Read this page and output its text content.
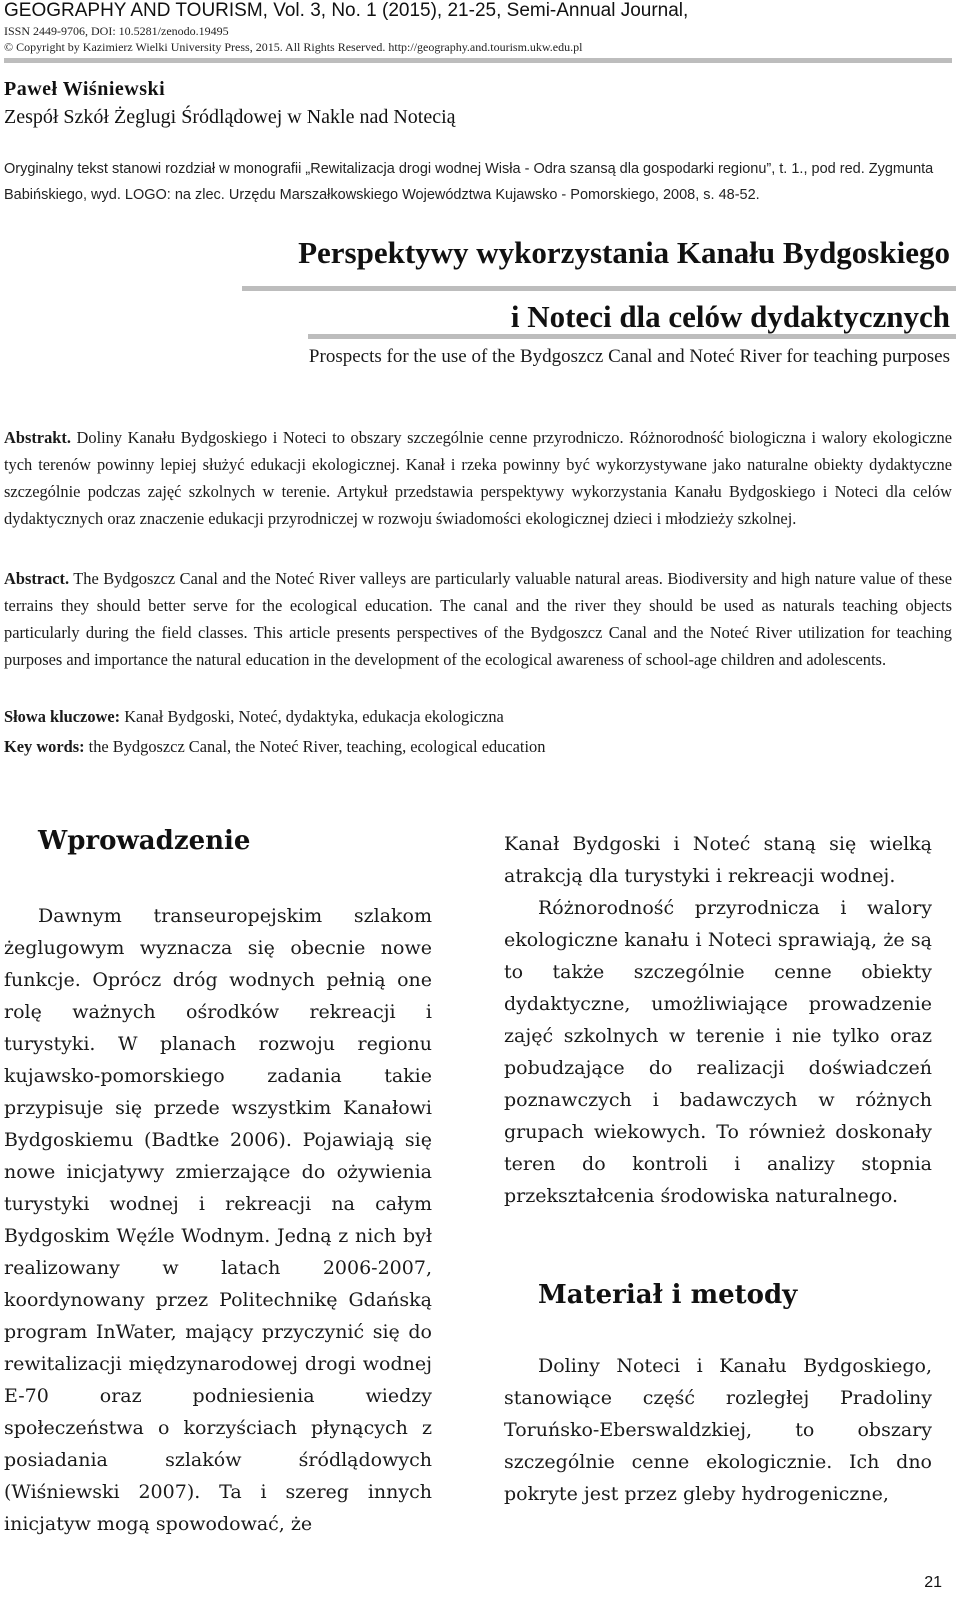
GEOGRAPHY AND TOURISM, Vol. 3, No. 1 (2015), 21-25, Semi-Annual Journal,
ISSN 2449-9706, DOI: 10.5281/zenodo.19495
© Copyright by Kazimierz Wielki University Press, 2015. All Rights Reserved. http://geography.and.tourism.ukw.edu.pl
Paweł Wiśniewski
Zespół Szkół Żeglugi Śródlądowej w Nakle nad Notecią
Oryginalny tekst stanowi rozdział w monografii „Rewitalizacja drogi wodnej Wisła - Odra szansą dla gospodarki regionu”, t. 1., pod red. Zygmunta Babińskiego, wyd. LOGO: na zlec. Urzędu Marszałkowskiego Województwa Kujawsko - Pomorskiego, 2008, s. 48-52.
Perspektywy wykorzystania Kanału Bydgoskiego
i Noteci dla celów dydaktycznych
Prospects for the use of the Bydgoszcz Canal and Noteć River for teaching purposes
Abstrakt. Doliny Kanału Bydgoskiego i Noteci to obszary szczególnie cenne przyrodniczo. Różnorodność biologiczna i walory ekologiczne tych terenów powinny lepiej służyć edukacji ekologicznej. Kanał i rzeka powinny być wykorzystywane jako naturalne obiekty dydaktyczne szczególnie podczas zajęć szkolnych w terenie. Artykuł przedstawia perspektywy wykorzystania Kanału Bydgoskiego i Noteci dla celów dydaktycznych oraz znaczenie edukacji przyrodniczej w rozwoju świadomości ekologicznej dzieci i młodzieży szkolnej.
Abstract. The Bydgoszcz Canal and the Noteć River valleys are particularly valuable natural areas. Biodiversity and high nature value of these terrains they should better serve for the ecological education. The canal and the river they should be used as naturals teaching objects particularly during the field classes. This article presents perspectives of the Bydgoszcz Canal and the Noteć River utilization for teaching purposes and importance the natural education in the development of the ecological awareness of school-age children and adolescents.
Słowa kluczowe: Kanał Bydgoski, Noteć, dydaktyka, edukacja ekologiczna
Key words: the Bydgoszcz Canal, the Noteć River, teaching, ecological education
Wprowadzenie

Dawnym transeuropejskim szlakom żeglugowym wyznacza się obecnie nowe funkcje. Oprócz dróg wodnych pełnią one rolę ważnych ośrodków rekreacji i turystyki. W planach rozwoju regionu kujawsko-pomorskiego zadania takie przypisuje się przede wszystkim Kanałowi Bydgoskiemu (Badtke 2006). Pojawiają się nowe inicjatywy zmierzające do ożywienia turystyki wodnej i rekreacji na całym Bydgoskim Węźle Wodnym. Jedną z nich był realizowany w latach 2006-2007, koordynowany przez Politechnikę Gdańską program InWater, mający przyczynić się do rewitalizacji międzynarodowej drogi wodnej E-70 oraz podniesienia wiedzy społeczeństwa o korzyściach płynących z posiadania szlaków śródlądowych (Wiśniewski 2007). Ta i szereg innych inicjatyw mogą spowodować, że

Kanał Bydgoski i Noteć staną się wielką atrakcją dla turystyki i rekreacji wodnej.

Różnorodność przyrodnicza i walory ekologiczne kanału i Noteci sprawiają, że są to także szczególnie cenne obiekty dydaktyczne, umożliwiające prowadzenie zajęć szkolnych w terenie i nie tylko oraz pobudzające do realizacji doświadczeń poznawczych i badawczych w różnych grupach wiekowych. To również doskonały teren do kontroli i analizy stopnia przekształcenia środowiska naturalnego.

Materiał i metody

Doliny Noteci i Kanału Bydgoskiego, stanowiące część rozległej Pradoliny Toruńsko-Eberswaldzkiej, to obszary szczególnie cenne ekologicznie. Ich dno pokryte jest przez gleby hydrogeniczne,

21
